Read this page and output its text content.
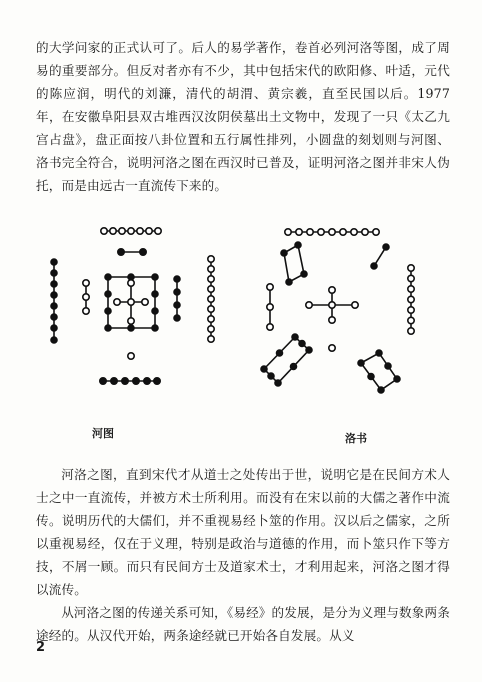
的大学问家的正式认可了。后人的易学著作，卷首必列河洛等图，成了周易的重要部分。但反对者亦有不少，其中包括宋代的欧阳修、叶适，元代的陈应润，明代的刘濂，清代的胡渭、黄宗羲，直至民国以后。1977 年，在安徽阜阳县双古堆西汉汝阴侯墓出土文物中，发现了一只《太乙九宫占盘》，盘正面按八卦位置和五行属性排列，小圆盘的刻划则与河图、洛书完全符合，说明河洛之图在西汉时已普及，证明河洛之图并非宋人伪托，而是由远古一直流传下来的。

河图	洛书

河洛之图，直到宋代才从道士之处传出于世，说明它是在民间方术人士之中一直流传，并被方术士所利用。而没有在宋以前的大儒之著作中流传。说明历代的大儒们，并不重视易经卜筮的作用。汉以后之儒家，之所以重视易经，仅在于义理，特别是政治与道德的作用，而卜筮只作下等方技，不屑一顾。而只有民间方士及道家术士，才利用起来，河洛之图才得以流传。

从河洛之图的传递关系可知，《易经》的发展，是分为义理与数象两条途经的。从汉代开始，两条途经就已开始各自发展。从义

2
